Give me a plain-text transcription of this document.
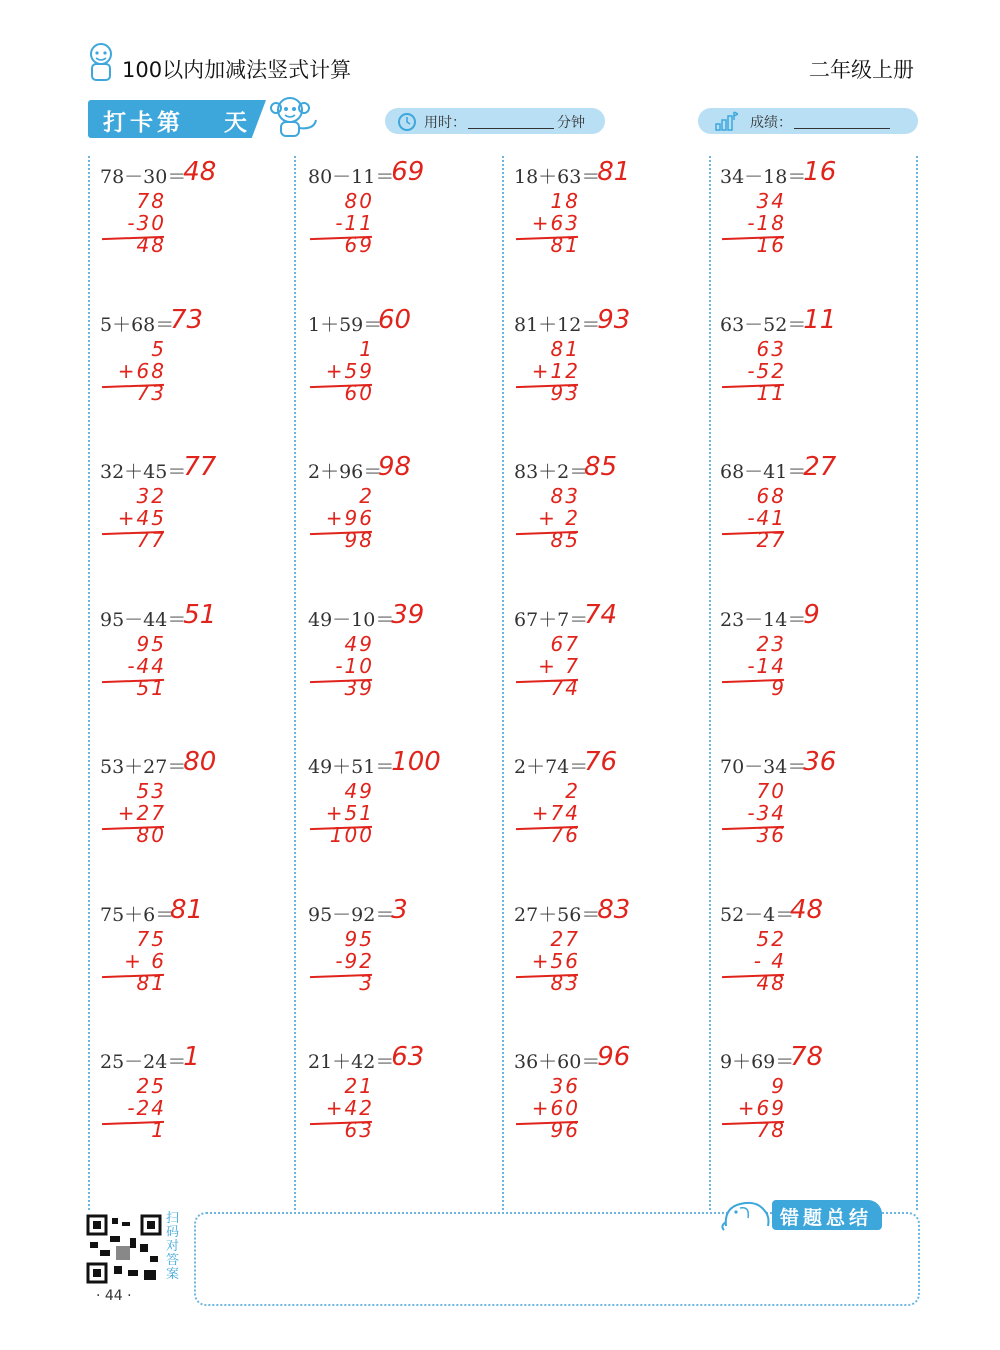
100以内加减法竖式计算	二年级上册
打卡第 天	用时：	分钟	成绩：
78－30＝
48
78
-30
48
5＋68＝
73
5
+68
73
32＋45＝
77
32
+45
77
95－44＝
51
95
-44
51
53＋27＝
80
53
+27
80
75＋6＝
81
75
+ 6
81
25－24＝
1
25
-24
1
80－11＝
69
80
-11
69
1＋59＝
60
1
+59
60
2＋96＝
98
2
+96
98
49－10＝
39
49
-10
39
49＋51＝
100
49
+51
100
95－92＝
3
95
-92
3
21＋42＝
63
21
+42
63
18＋63＝
81
18
+63
81
81＋12＝
93
81
+12
93
83＋2＝
85
83
+ 2
85
67＋7＝
74
67
+ 7
74
2＋74＝
76
2
+74
76
27＋56＝
83
27
+56
83
36＋60＝
96
36
+60
96
34－18＝
16
34
-18
16
63－52＝
11
63
-52
11
68－41＝
27
68
-41
27
23－14＝
9
23
-14
9
70－34＝
36
70
-34
36
52－4＝
48
52
- 4
48
9＋69＝
78
9
+69
78
扫码对答案
· 44 ·
错题总结
